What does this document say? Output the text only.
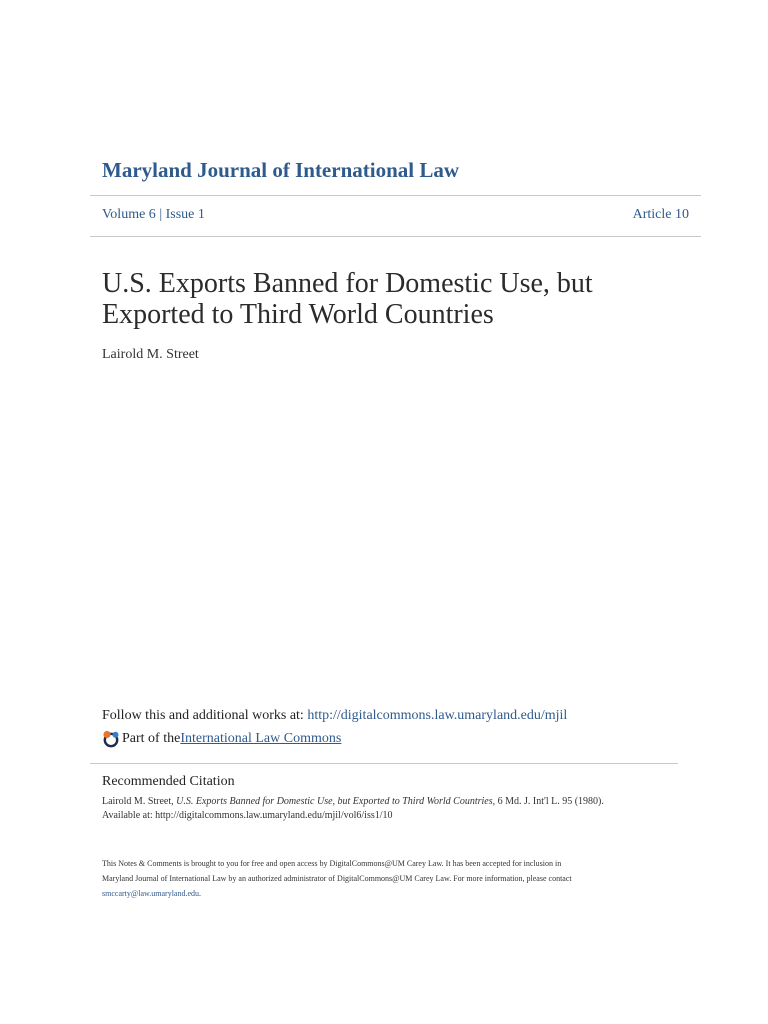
Maryland Journal of International Law
Volume 6 | Issue 1	Article 10
U.S. Exports Banned for Domestic Use, but
Exported to Third World Countries
Lairold M. Street
Follow this and additional works at: http://digitalcommons.law.umaryland.edu/mjil
Part of the International Law Commons
Recommended Citation
Lairold M. Street, U.S. Exports Banned for Domestic Use, but Exported to Third World Countries, 6 Md. J. Int'l L. 95 (1980).
Available at: http://digitalcommons.law.umaryland.edu/mjil/vol6/iss1/10
This Notes & Comments is brought to you for free and open access by DigitalCommons@UM Carey Law. It has been accepted for inclusion in
Maryland Journal of International Law by an authorized administrator of DigitalCommons@UM Carey Law. For more information, please contact
smccarty@law.umaryland.edu.
